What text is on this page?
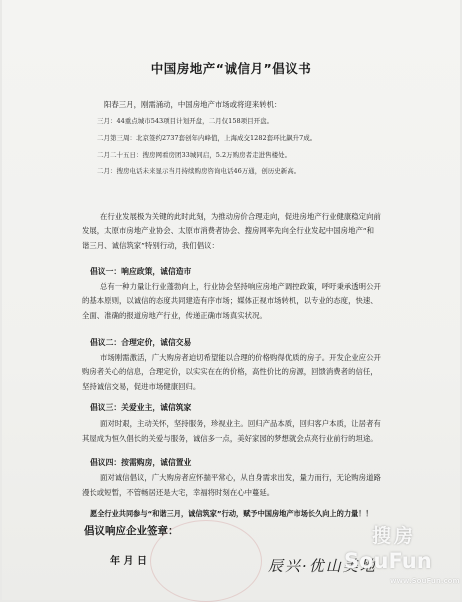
中国房地产“诚信月”倡议书
阳春三月，刚需涌动，中国房地产市场或将迎来转机：
三月：44重点城市543项目计划开盘，二月仅158项目开盘。
二月第三周：北京签约2737套创年内峰值，上海成交1282套环比飙升7成。
二月二十五日：搜房网看房团33城同启，5.2万购房者走进售楼处。
二月：搜房电话未来显示当月持续购房咨询电话46万通，创历史新高。
在行业发展极为关键的此时此刻，为推动房价合理走向，促进房地产行业健康稳定向前
发展，太原市房地产业协会、太原市消费者协会、搜房网率先向全行业发起中国房地产“和
谐三月、诚信筑家”特别行动，我们倡议：
倡议一：响应政策，诚信造市
总有一种力量让行业蓬勃向上，行业协会坚持响应房地产调控政策，呼吁秉承透明公开
的基本原则，以诚信的态度共同建造有序市场；媒体正视市场转机，以专业的态度，快速、
全面、准确的报道房地产行业，传递正确市场真实状况。
倡议二：合理定价，诚信交易
市场刚需激活，广大购房者迫切希望能以合理的价格购得优质的房子。开发企业应公开
购房者关心的信息，合理定价，以实实在在的价格，高性价比的房源，回馈消费者的信任，
坚持诚信交易，促进市场健康回归。
倡议三：关爱业主，诚信筑家
面对时艰，主动关怀，坚持服务，珍视业主。回归产品本质，回归客户本质，让居者有
其屋成为恒久倡长的关爱与服务，诚信多一点，美好家园的梦想就会点亮行业前行的坦途。
倡议四：按需购房，诚信置业
面对诚信倡议，广大购房者应怀揣平常心，从自身需求出发，量力而行，无论购房道路
漫长或短暂，不管畅居还是大宅，幸福将时刻在心中蔓延。
愿全行业共同参与“和谐三月，诚信筑家”行动，赋予中国房地产市场长久向上的力量！！
倡议响应企业签章：
年 月 日	辰兴·优山美地
搜房
SouFun
www.SouFun.com
